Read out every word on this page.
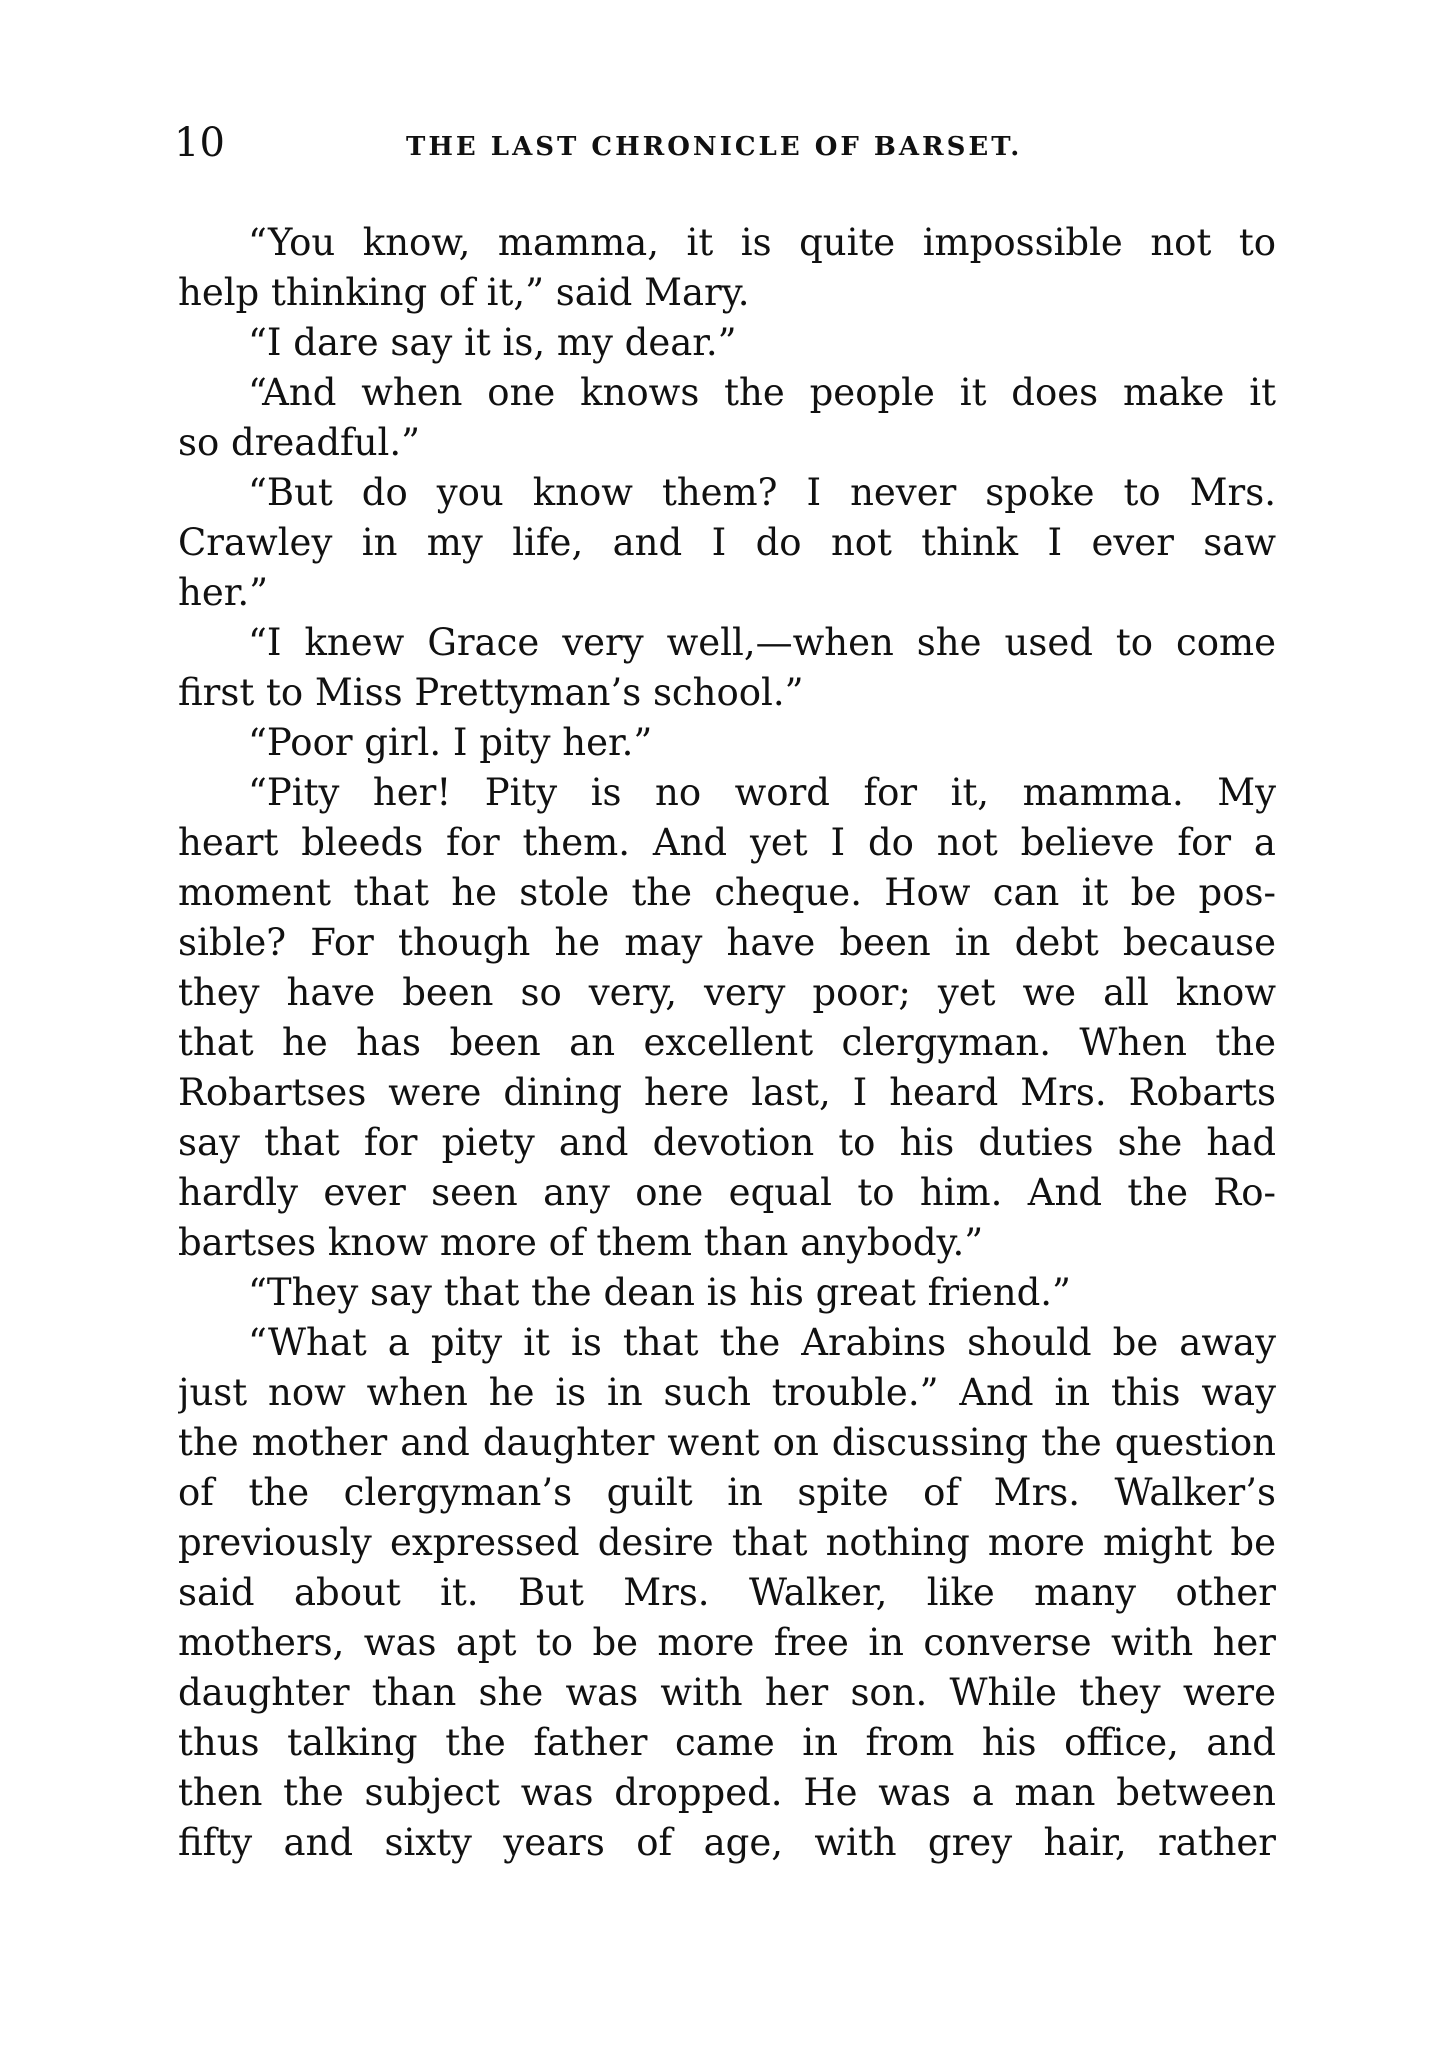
10	THE LAST CHRONICLE OF BARSET.
“You know, mamma, it is quite impossible not to
help thinking of it,” said Mary.
“I dare say it is, my dear.”
“And when one knows the people it does make it
so dreadful.”
“But do you know them? I never spoke to Mrs.
Crawley in my life, and I do not think I ever saw
her.”
“I knew Grace very well,—when she used to come
first to Miss Prettyman’s school.”
“Poor girl. I pity her.”
“Pity her! Pity is no word for it, mamma. My
heart bleeds for them. And yet I do not believe for a
moment that he stole the cheque. How can it be pos-
sible? For though he may have been in debt because
they have been so very, very poor; yet we all know
that he has been an excellent clergyman. When the
Robartses were dining here last, I heard Mrs. Robarts
say that for piety and devotion to his duties she had
hardly ever seen any one equal to him. And the Ro-
bartses know more of them than anybody.”
“They say that the dean is his great friend.”
“What a pity it is that the Arabins should be away
just now when he is in such trouble.” And in this way
the mother and daughter went on discussing the question
of the clergyman’s guilt in spite of Mrs. Walker’s
previously expressed desire that nothing more might be
said about it. But Mrs. Walker, like many other
mothers, was apt to be more free in converse with her
daughter than she was with her son. While they were
thus talking the father came in from his office, and
then the subject was dropped. He was a man between
fifty and sixty years of age, with grey hair, rather
